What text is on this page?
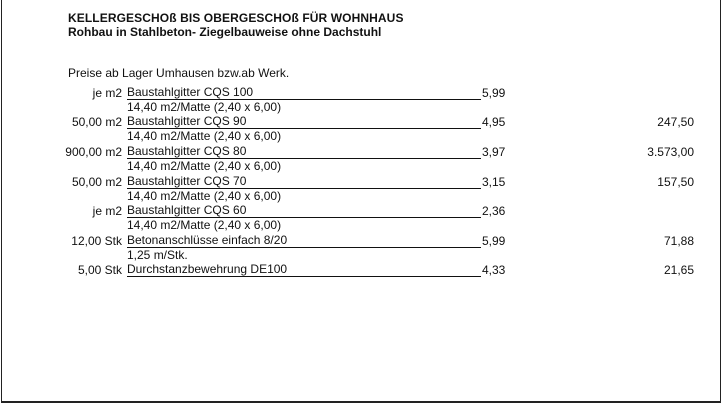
KELLERGESCHOß BIS OBERGESCHOß FÜR WOHNHAUS
Rohbau in Stahlbeton- Ziegelbauweise ohne Dachstuhl
Preise ab Lager Umhausen bzw.ab Werk.
je m2 Baustahlgitter CQS 100	5,99
14,40 m2/Matte (2,40 x 6,00)
50,00 m2 Baustahlgitter CQS 90	4,95	247,50
14,40 m2/Matte (2,40 x 6,00)
900,00 m2 Baustahlgitter CQS 80	3,97	3.573,00
14,40 m2/Matte (2,40 x 6,00)
50,00 m2 Baustahlgitter CQS 70	3,15	157,50
14,40 m2/Matte (2,40 x 6,00)
je m2 Baustahlgitter CQS 60	2,36
14,40 m2/Matte (2,40 x 6,00)
12,00 Stk Betonanschlüsse einfach 8/20	5,99	71,88
1,25 m/Stk.
5,00 Stk Durchstanzbewehrung DE100	4,33	21,65
